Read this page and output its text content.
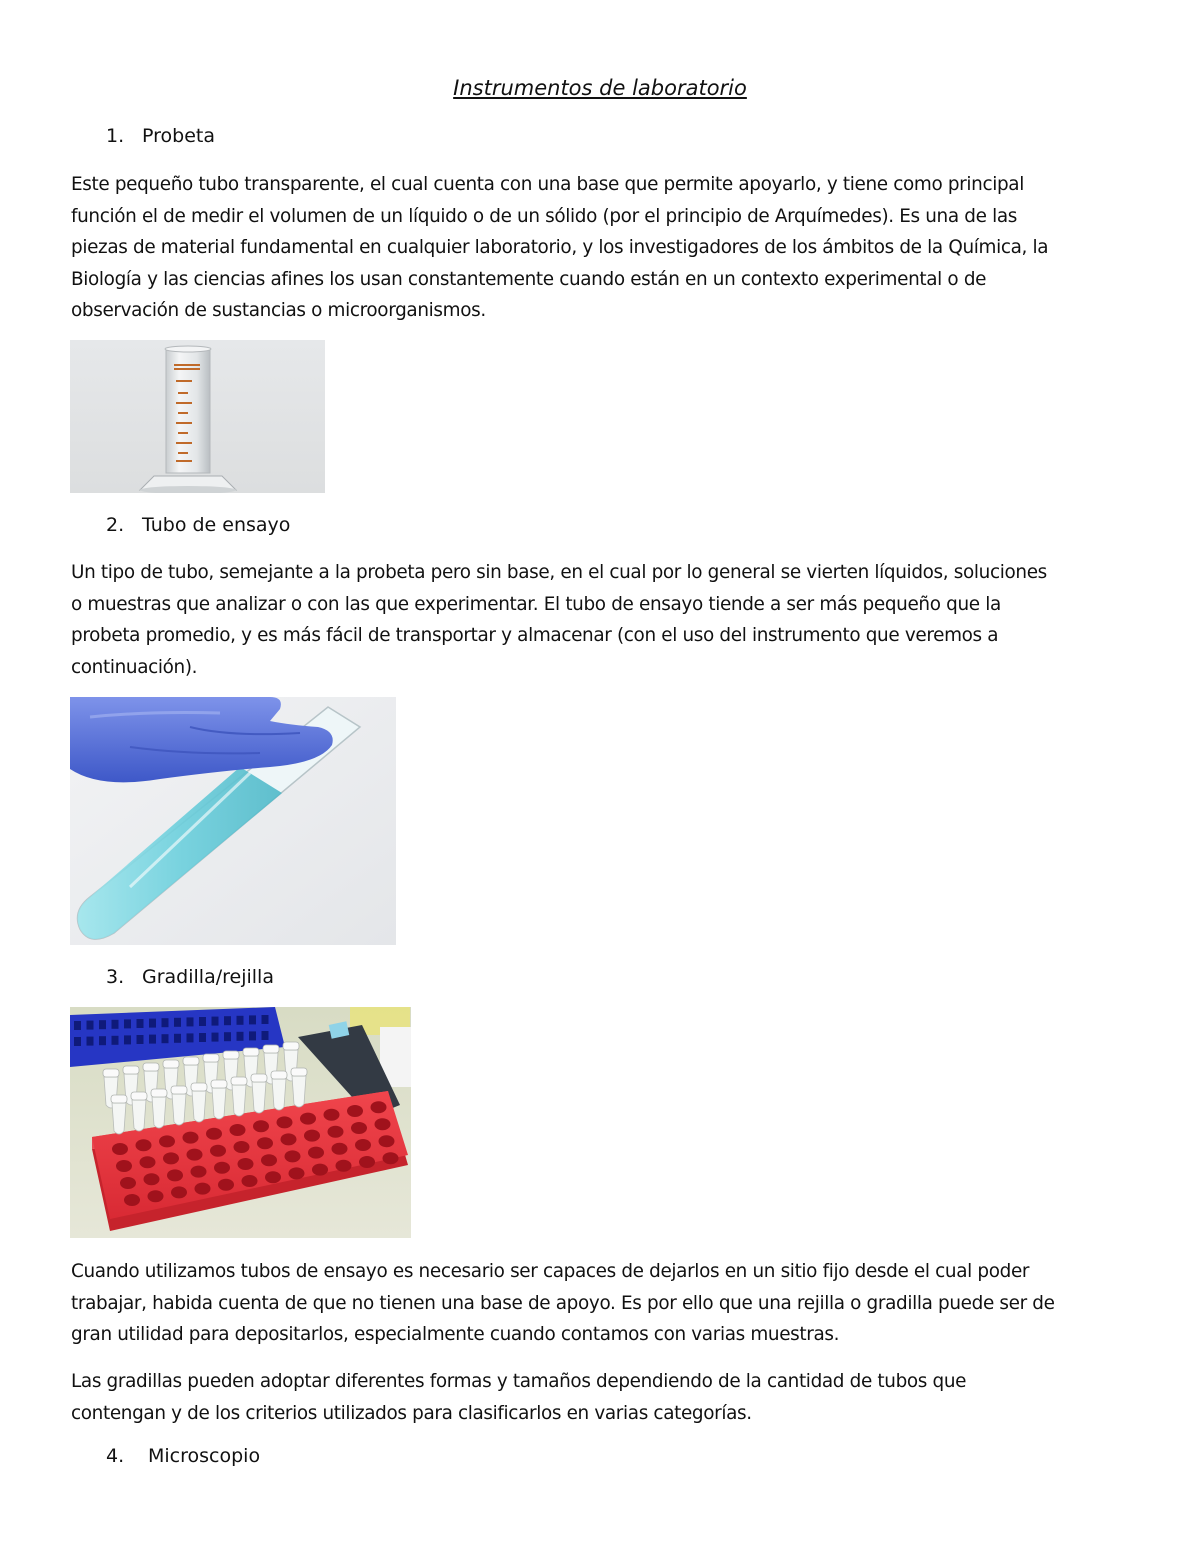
Instrumentos de laboratorio
1. Probeta

Este pequeño tubo transparente, el cual cuenta con una base que permite apoyarlo, y tiene como principal

función el de medir el volumen de un líquido o de un sólido (por el principio de Arquímedes). Es una de las

piezas de material fundamental en cualquier laboratorio, y los investigadores de los ámbitos de la Química, la

Biología y las ciencias afines los usan constantemente cuando están en un contexto experimental o de

observación de sustancias o microorganismos.

2. Tubo de ensayo

Un tipo de tubo, semejante a la probeta pero sin base, en el cual por lo general se vierten líquidos, soluciones

o muestras que analizar o con las que experimentar. El tubo de ensayo tiende a ser más pequeño que la

probeta promedio, y es más fácil de transportar y almacenar (con el uso del instrumento que veremos a

continuación).

3. Gradilla/rejilla

Cuando utilizamos tubos de ensayo es necesario ser capaces de dejarlos en un sitio fijo desde el cual poder

trabajar, habida cuenta de que no tienen una base de apoyo. Es por ello que una rejilla o gradilla puede ser de

gran utilidad para depositarlos, especialmente cuando contamos con varias muestras.

Las gradillas pueden adoptar diferentes formas y tamaños dependiendo de la cantidad de tubos que

contengan y de los criterios utilizados para clasificarlos en varias categorías.

4. Microscopio
